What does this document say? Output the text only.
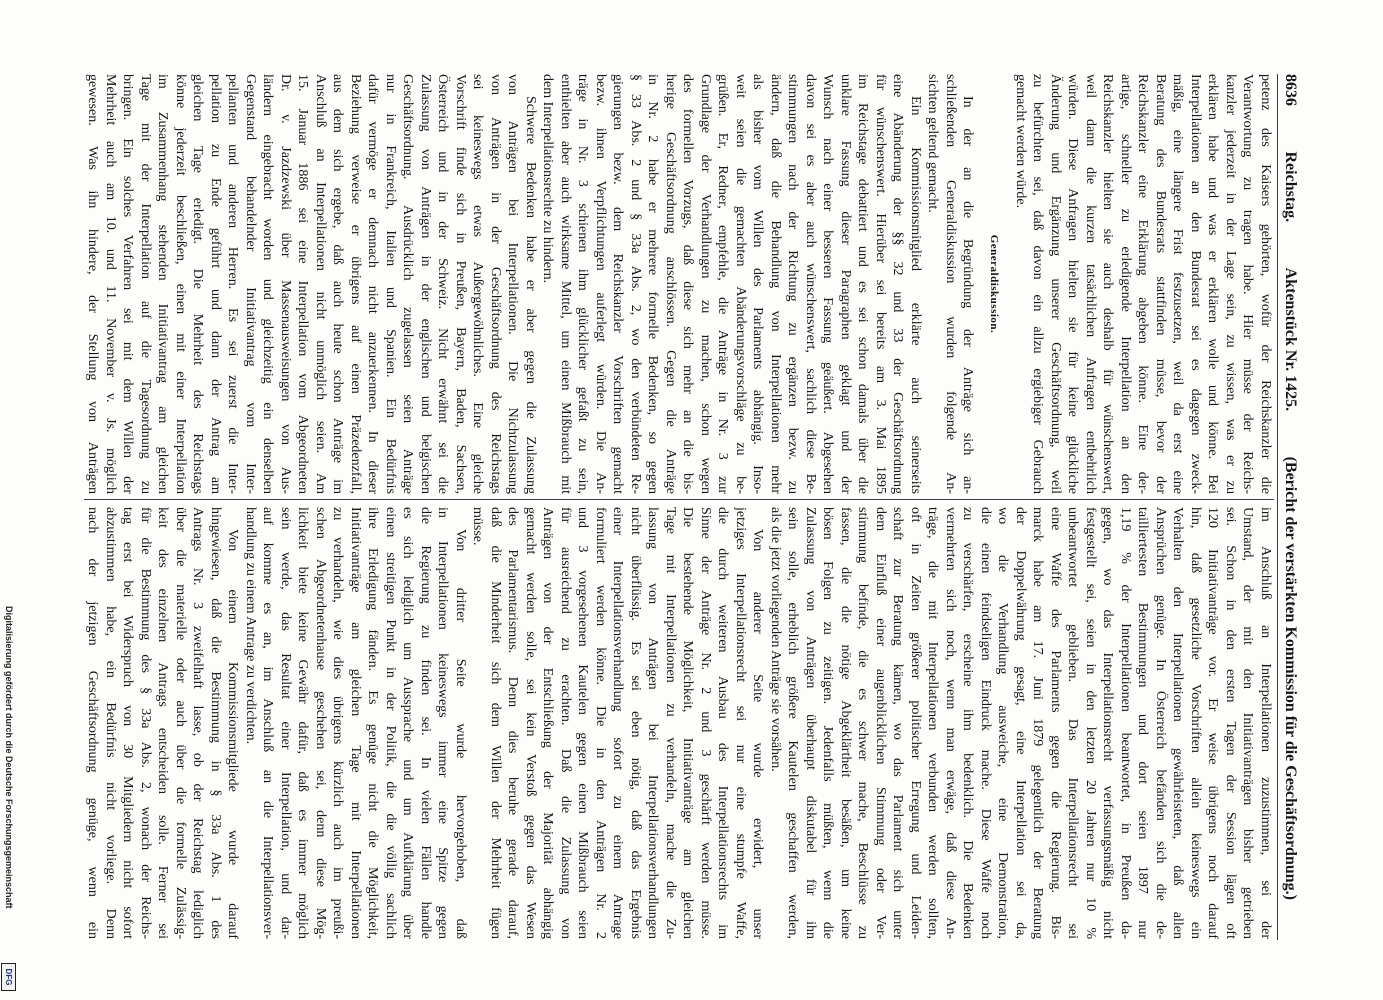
8636
Reichstag.
Aktenstück Nr. 1425.
(Bericht der verstärkten Kommission für die Geschäftsordnung.)
petenz des Kaisers gehörten, wofür der Reichskanzler die
Verantwortung zu tragen habe. Hier müsse der Reichs-
kanzler jederzeit in der Lage sein, zu wissen, was er zu
erklären habe und was er erklären wolle und könne. Bei
Interpellationen an den Bundesrat sei es dagegen zweck-
mäßig, eine längere Frist festzusetzen, weil da erst eine
Beratung des Bundesrats stattfinden müsse, bevor der
Reichskanzler eine Erklärung abgeben könne. Eine der-
artige, schneller zu erledigende Interpellation an den
Reichskanzler hielten sie auch deshalb für wünschenswert,
weil dann die kurzen tatsächlichen Anfragen entbehrlich
würden. Diese Anfragen hielten sie für keine glückliche
Änderung und Ergänzung unserer Geschäftsordnung, weil
zu befürchten sei, daß davon ein allzu ergiebiger Gebrauch
gemacht werden würde.
Generaldiskussion.
In der an die Begründung der Anträge sich an-
schließenden Generaldiskussion wurden folgende An-
sichten geltend gemacht.
Ein Kommissionsmitglied erklärte auch seinerseits
eine Abänderung der §§ 32 und 33 der Geschäftsordnung
für wünschenswert. Hierüber sei bereits am 3. Mai 1895
im Reichstage debattiert und es sei schon damals über die
unklare Fassung dieser Paragraphen geklagt und der
Wunsch nach einer besseren Fassung geäußert. Abgesehen
davon sei es aber auch wünschenswert, sachlich diese Be-
stimmungen nach der Richtung zu ergänzen bezw. zu
ändern, daß die Behandlung von Interpellationen mehr
als bisher vom Willen des Parlaments abhängig. Inso-
weit seien die gemachten Abänderungsvorschläge zu be-
grüßen. Er, Redner, empfehle, die Anträge in Nr. 3 zur
Grundlage der Verhandlungen zu machen, schon wegen
des formellen Vorzugs, daß diese sich mehr an die bis-
herige Geschäftsordnung anschlössen. Gegen die Anträge
in Nr. 2 habe er mehrere formelle Bedenken, so gegen
§ 33 Abs. 2 und § 33a Abs. 2, wo den verbündeten Re-
gierungen bezw. dem Reichskanzler Vorschriften gemacht
bezw. ihnen Verpflichtungen auferlegt würden. Die An-
träge in Nr. 3 schienen ihm glücklicher gefaßt zu sein,
enthielten aber auch wirksame Mittel, um einen Mißbrauch mit
dem Interpellationsrechte zu hindern.
Schwere Bedenken habe er aber gegen die Zulassung
von Anträgen bei Interpellationen. Die Nichtzulassung
von Anträgen in der Geschäftsordnung des Reichstags
sei keineswegs etwas Außergewöhnliches. Eine gleiche
Vorschrift finde sich in Preußen, Bayern, Baden, Sachsen,
Österreich und in der Schweiz. Nicht erwähnt sei die
Zulassung von Anträgen in der englischen und belgischen
Geschäftsordnung. Ausdrücklich zugelassen seien Anträge
nur in Frankreich, Italien und Spanien. Ein Bedürfnis
dafür vermöge er demnach nicht anzuerkennen. In dieser
Beziehung verweise er übrigens auf einen Präzedenzfall,
aus dem sich ergebe, daß auch heute schon Anträge im
Anschluß an Interpellationen nicht unmöglich seien. Am
15. Januar 1886 sei eine Interpellation vom Abgeordneten
Dr. v. Jazdzewski über Massenausweisungen von Aus-
ländern eingebracht worden und gleichzeitig ein denselben
Gegenstand behandelnder Initiativantrag vom Inter-
pellanten und anderen Herren. Es sei zuerst die Inter-
pellation zu Ende geführt und dann der Antrag am
gleichen Tage erledigt. Die Mehrheit des Reichstags
könne jederzeit beschließen, einen mit einer Interpellation
im Zusammenhang stehenden Initiativantrag am gleichen
Tage mit der Interpellation auf die Tagesordnung zu
bringen. Ein solches Verfahren sei mit dem Willen der
Mehrheit auch am 10. und 11. November v. Js. möglich
gewesen. Was ihn hindere, der Stellung von Anträgen
im Anschluß an Interpellationen zuzustimmen, sei der
Umstand, der mit den Initiativanträgen bisher getrieben
sei. Schon in den ersten Tagen der Session lägen oft
120 Initiativanträge vor. Er weise übrigens noch darauf
hin, daß gesetzliche Vorschriften allein keineswegs ein
Verhalten den Interpellationen gewährleisteten, daß allen
Ansprüchen genüge. In Österreich befänden sich die de-
tailliertesten Bestimmungen und dort seien 1897 nur
1,19 % der Interpellationen beantwortet, in Preußen da-
gegen, wo das Interpellationsrecht verfassungsmäßig nicht
festgestellt sei, seien in den letzten 20 Jahren nur 10 %
unbeantwortet geblieben. Das Interpellationsrecht sei
eine Waffe des Parlaments gegen die Regierung. Bis-
marck habe am 17. Juni 1879 gelegentlich der Beratung
der Doppelwährung gesagt, eine Interpellation sei da,
wo die Verhandlung ausweiche, eine Demonstration,
die einen feindseligen Eindruck mache. Diese Waffe noch
zu verschärfen, erscheine ihm bedenklich. Die Bedenken
vermehrten sich noch, wenn man erwäge, daß diese An-
träge, die mit Interpellationen verbunden werden sollten,
oft in Zeiten größerer politischer Erregung und Leiden-
schaft zur Beratung kämen, wo das Parlament sich unter
dem Einfluß einer augenblicklichen Stimmung oder Ver-
stimmung befinde, die es schwer mache, Beschlüsse zu
fassen, die die nötige Abgeklärtheit besäßen, um keine
bösen Folgen zu zeitigen. Jedenfalls müßten, wenn die
Zulassung von Anträgen überhaupt diskutabel für ihn
sein solle, erheblich größere Kautelen geschaffen werden,
als die jetzt vorliegenden Anträge sie vorsähen.
Von anderer Seite wurde erwidert, unser
jetziges Interpellationsrecht sei nur eine stumpfe Waffe,
die durch weiteren Ausbau des Interpellationsrechts im
Sinne der Anträge Nr. 2 und 3 geschärft werden müsse.
Die bestehende Möglichkeit, Initiativanträge am gleichen
Tage mit Interpellationen zu verhandeln, mache die Zu-
lassung von Anträgen bei Interpellationsverhandlungen
nicht überflüssig. Es sei eben nötig, daß das Ergebnis
einer Interpellationsverhandlung sofort zu einem Antrage
formuliert werden könne. Die in den Anträgen Nr. 2
und 3 vorgesehenen Kautelen gegen einen Mißbrauch seien
für ausreichend zu erachten. Daß die Zulassung von
Anträgen von der Entschließung der Majorität abhängig
gemacht werden solle, sei kein Verstoß gegen das Wesen
des Parlamentarismus. Denn dies beruhe gerade darauf,
daß die Minderheit sich dem Willen der Mehrheit fügen
müsse.
Von dritter Seite wurde hervorgehoben, daß
in Interpellationen keineswegs immer eine Spitze gegen
die Regierung zu finden sei. In vielen Fällen handle
es sich lediglich um Aussprache und um Aufklärung über
einen streitigen Punkt in der Politik, die die völlig sachlich
ihre Erledigung fänden. Es genüge nicht die Möglichkeit,
Initiativanträge am gleichen Tage mit Interpellationen
zu verhandeln, wie dies übrigens kürzlich auch im preußi-
schen Abgeordnetenhause geschehen sei, denn diese Mög-
lichkeit biete keine Gewähr dafür, daß es immer möglich
sein werde, das Resultat einer Interpellation, und dar-
auf komme es an, im Anschluß an die Interpellationsver-
handlung zu einem Antrage zu verdichten.
Von einem Kommissionsmitgliede wurde darauf
hingewiesen, daß die Bestimmung in § 33a Abs. 1 des
Antrags Nr. 3 zweifelhaft lasse, ob der Reichstag lediglich
über die materielle oder auch über die formelle Zulässig-
keit des einzelnen Antrags entscheiden solle. Ferner sei
für die Bestimmung des § 33a Abs. 2, wonach der Reichs-
tag erst bei Widerspruch von 30 Mitgliedern nicht sofort
abzustimmen habe, ein Bedürfnis nicht vorliege. Denn
nach der jetzigen Geschäftsordnung genüge, wenn ein
Digitalisierung gefördert durch die Deutsche Forschungsgemeinschaft
DFG
